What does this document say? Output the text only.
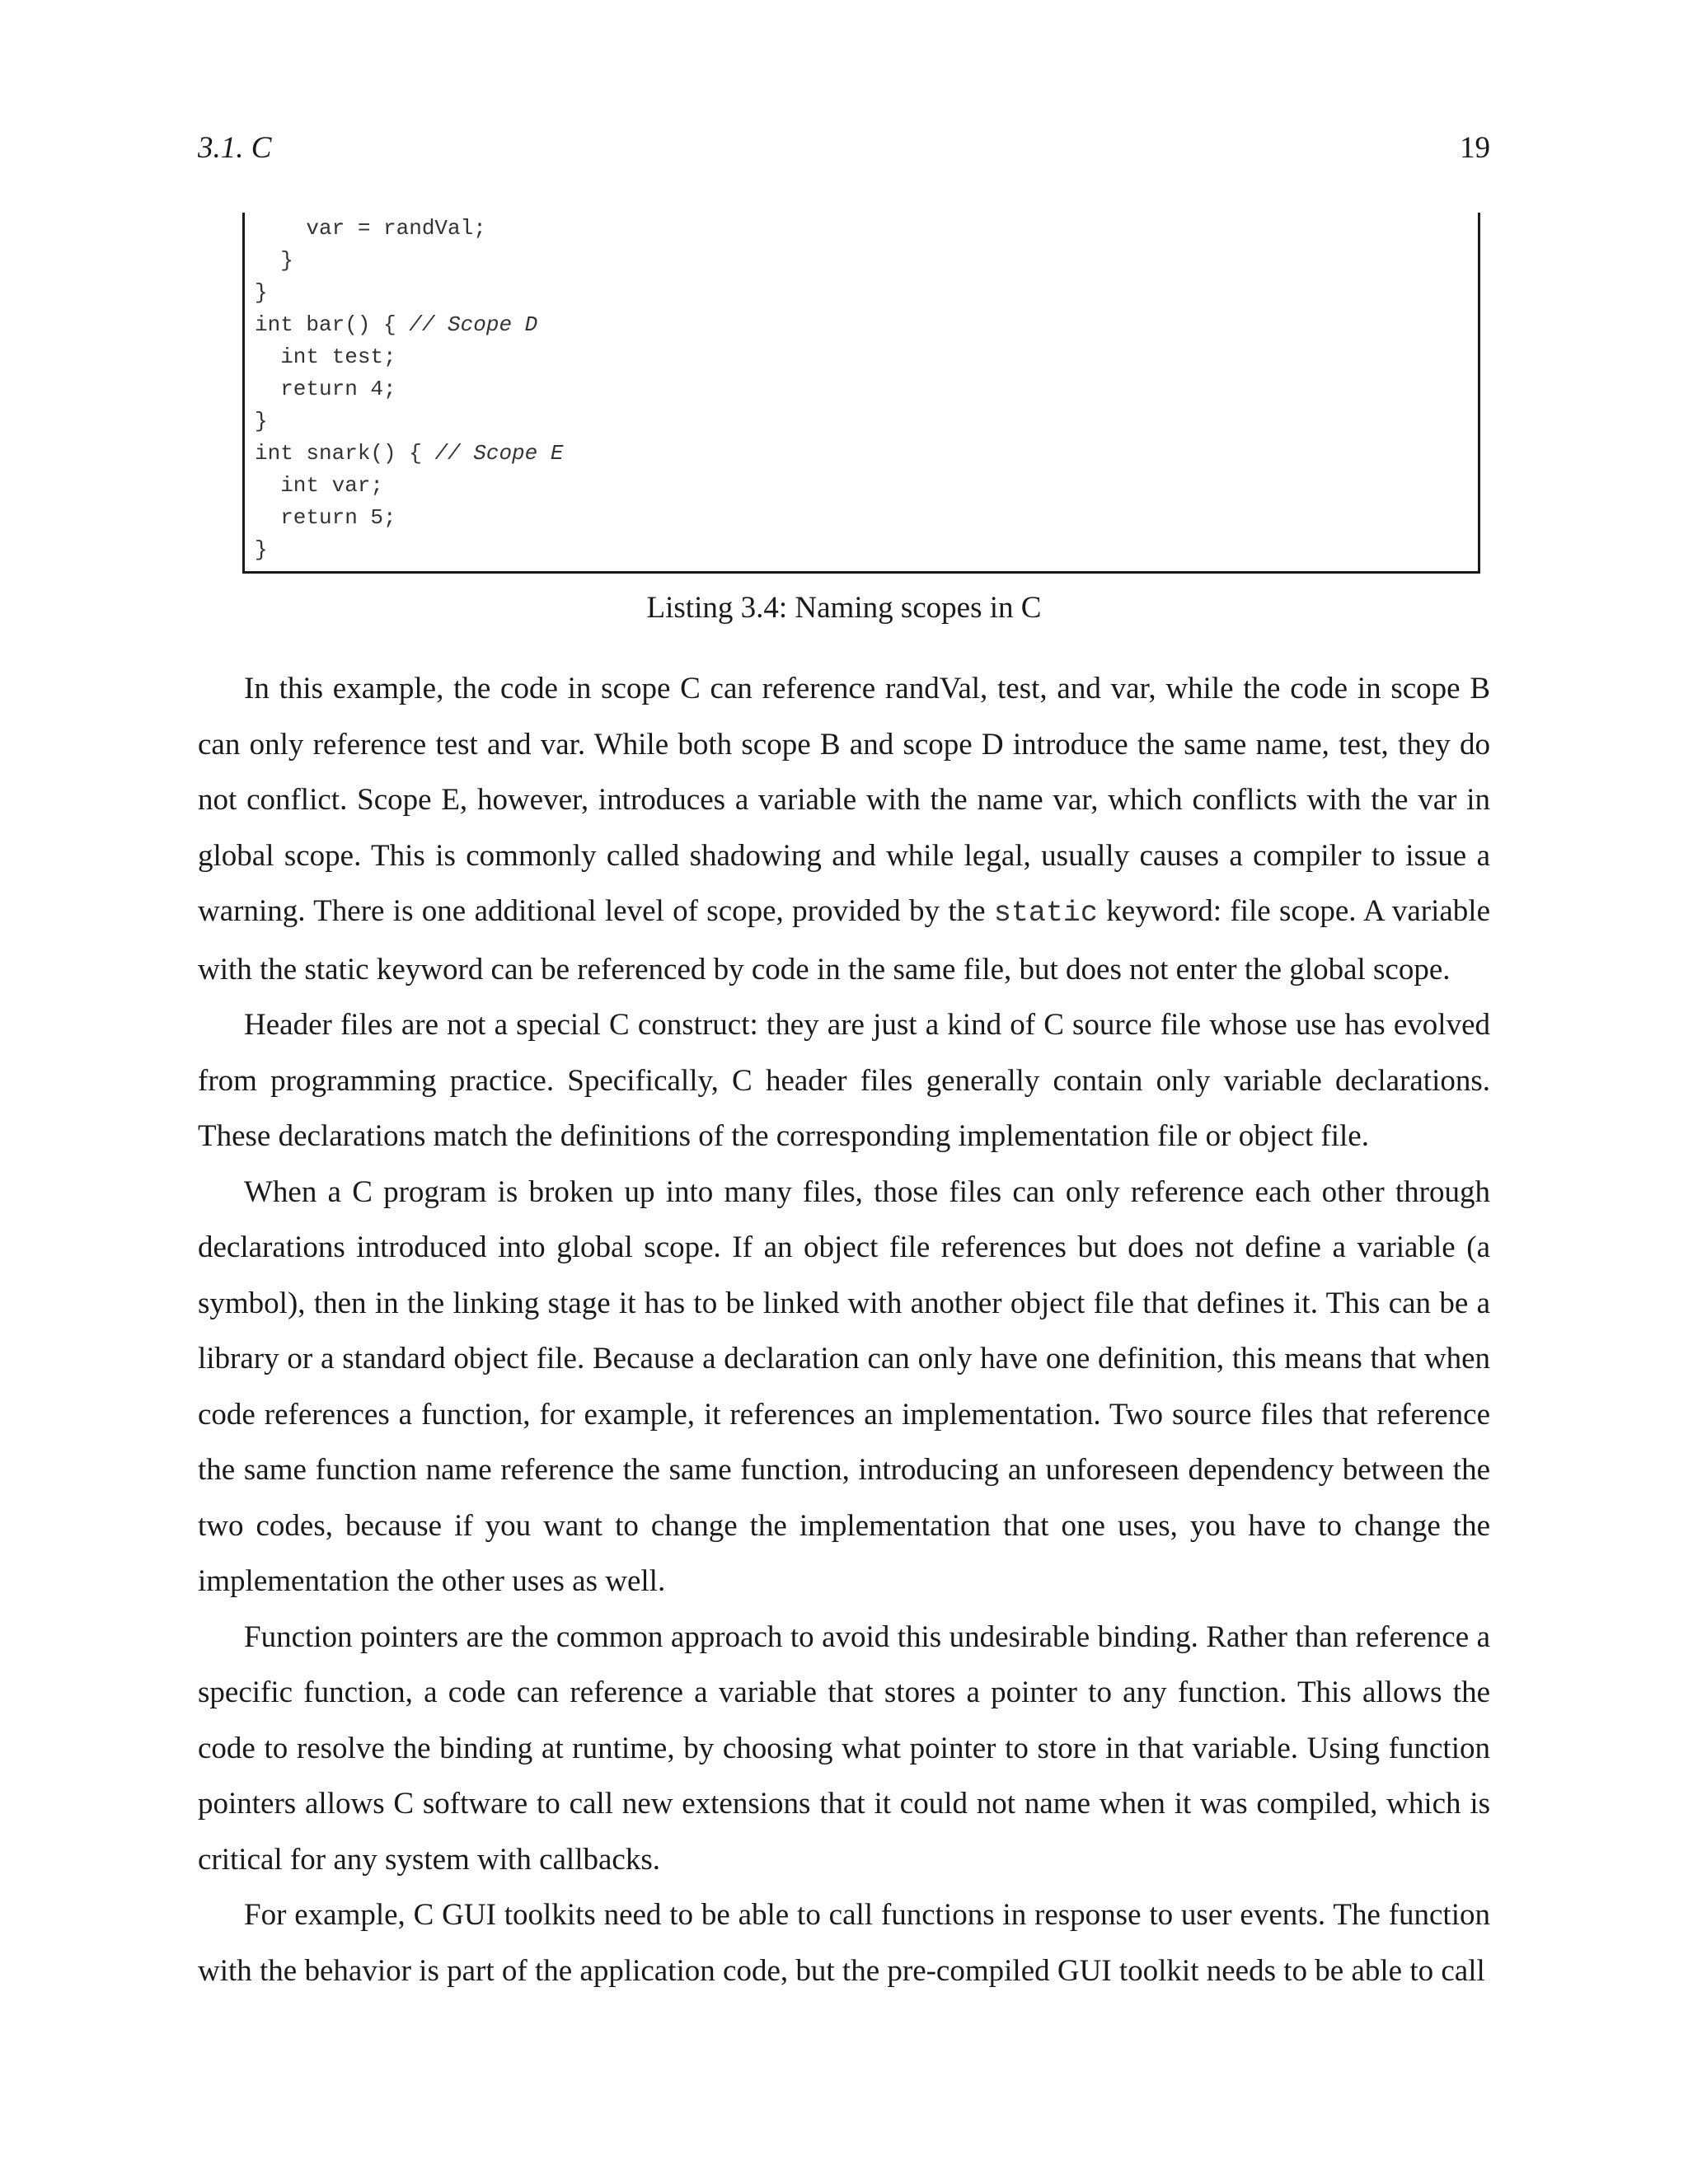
3.1. C	19
var = randVal;
}
}
int bar() { // Scope D
int test;
return 4;
}
int snark() { // Scope E
int var;
return 5;
}
Listing 3.4: Naming scopes in C

In this example, the code in scope C can reference randVal, test, and var, while the code in scope B can only reference test and var. While both scope B and scope D introduce the same name, test, they do not conflict. Scope E, however, introduces a variable with the name var, which conflicts with the var in global scope. This is commonly called shadowing and while legal, usually causes a compiler to issue a warning. There is one additional level of scope, provided by the static keyword: file scope. A variable with the static keyword can be referenced by code in the same file, but does not enter the global scope.

Header files are not a special C construct: they are just a kind of C source file whose use has evolved from programming practice. Specifically, C header files generally contain only variable declarations. These declarations match the definitions of the corresponding implementation file or object file.

When a C program is broken up into many files, those files can only reference each other through declarations introduced into global scope. If an object file references but does not define a variable (a symbol), then in the linking stage it has to be linked with another object file that defines it. This can be a library or a standard object file. Because a declaration can only have one definition, this means that when code references a function, for example, it references an implementation. Two source files that reference the same function name reference the same function, introducing an unforeseen dependency between the two codes, because if you want to change the implementation that one uses, you have to change the implementation the other uses as well.

Function pointers are the common approach to avoid this undesirable binding. Rather than reference a specific function, a code can reference a variable that stores a pointer to any function. This allows the code to resolve the binding at runtime, by choosing what pointer to store in that variable. Using function pointers allows C software to call new extensions that it could not name when it was compiled, which is critical for any system with callbacks.

For example, C GUI toolkits need to be able to call functions in response to user events. The function with the behavior is part of the application code, but the pre-compiled GUI toolkit needs to be able to call
